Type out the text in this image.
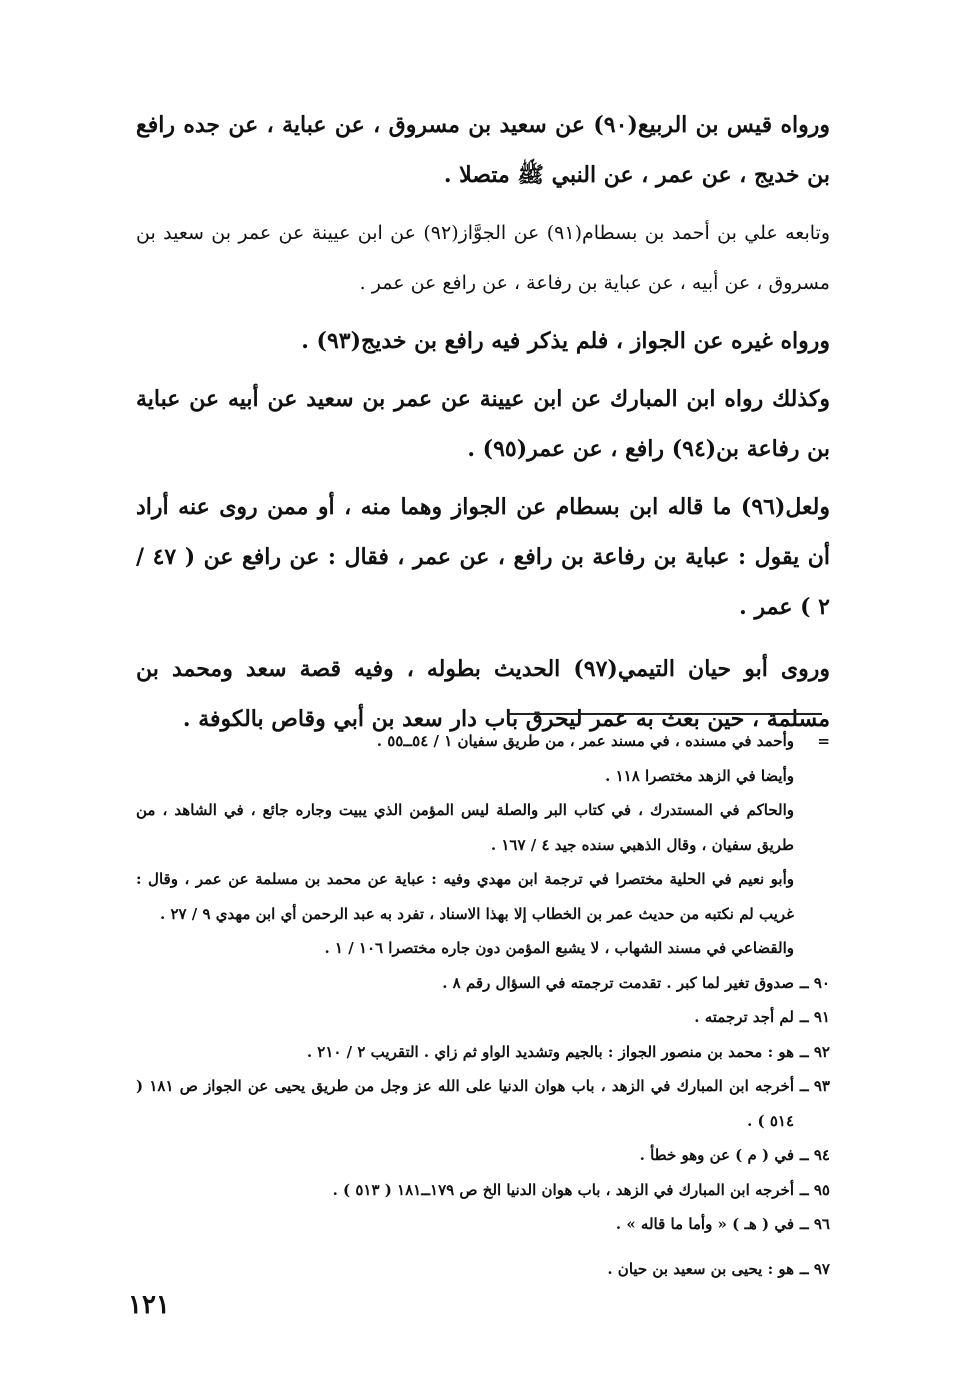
ورواه قيس بن الربيع(٩٠) عن سعيد بن مسروق ، عن عباية ، عن جده رافع بن خديج ، عن عمر ، عن النبي ﷺ متصلا .

وتابعه علي بن أحمد بن بسطام(٩١) عن الجوَّاز(٩٢) عن ابن عيينة عن عمر بن سعيد بن مسروق ، عن أبيه ، عن عباية بن رفاعة ، عن رافع عن عمر .

ورواه غيره عن الجواز ، فلم يذكر فيه رافع بن خديج(٩٣) .

وكذلك رواه ابن المبارك عن ابن عيينة عن عمر بن سعيد عن أبيه عن عباية بن رفاعة بن(٩٤) رافع ، عن عمر(٩٥) .

ولعل(٩٦) ما قاله ابن بسطام عن الجواز وهما منه ، أو ممن روى عنه أراد أن يقول : عباية بن رفاعة بن رافع ، عن عمر ، فقال : عن رافع عن ( ٤٧ / ٢ ) عمر .

وروى أبو حيان التيمي(٩٧) الحديث بطوله ، وفيه قصة سعد ومحمد بن مسلمة ، حين بعث به عمر ليحرق باب دار سعد بن أبي وقاص بالكوفة .

=

وأحمد في مسنده ، في مسند عمر ، من طريق سفيان ١ / ٥٤ــ٥٥ .

وأيضا في الزهد مختصرا ١١٨ .

والحاكم في المستدرك ، في كتاب البر والصلة ليس المؤمن الذي يبيت وجاره جائع ، في الشاهد ، من طريق سفيان ، وقال الذهبي سنده جيد ٤ / ١٦٧ .

وأبو نعيم في الحلية مختصرا في ترجمة ابن مهدي وفيه : عباية عن محمد بن مسلمة عن عمر ، وقال : غريب لم نكتبه من حديث عمر بن الخطاب إلا بهذا الاسناد ، تفرد به عبد الرحمن أي ابن مهدي ٩ / ٢٧ .

والقضاعي في مسند الشهاب ، لا يشبع المؤمن دون جاره مختصرا ١٠٦ / ١ .

٩٠ ــ
صدوق تغير لما كبر . تقدمت ترجمته في السؤال رقم ٨ .
٩١ ــ
لم أجد ترجمته .
٩٢ ــ
هو : محمد بن منصور الجواز : بالجيم وتشديد الواو ثم زاي . التقريب ٢ / ٢١٠ .
٩٣ ــ
أخرجه ابن المبارك في الزهد ، باب هوان الدنيا على الله عز وجل من طريق يحيى عن الجواز ص ١٨١ ( ٥١٤ ) .
٩٤ ــ
في ( م ) عن وهو خطأ .
٩٥ ــ
أخرجه ابن المبارك في الزهد ، باب هوان الدنيا الخ ص ١٧٩ــ١٨١ ( ٥١٣ ) .
٩٦ ــ
في ( هـ ) « وأما ما قاله » .
٩٧ ــ
هو : يحيى بن سعيد بن حيان .
١٢١
